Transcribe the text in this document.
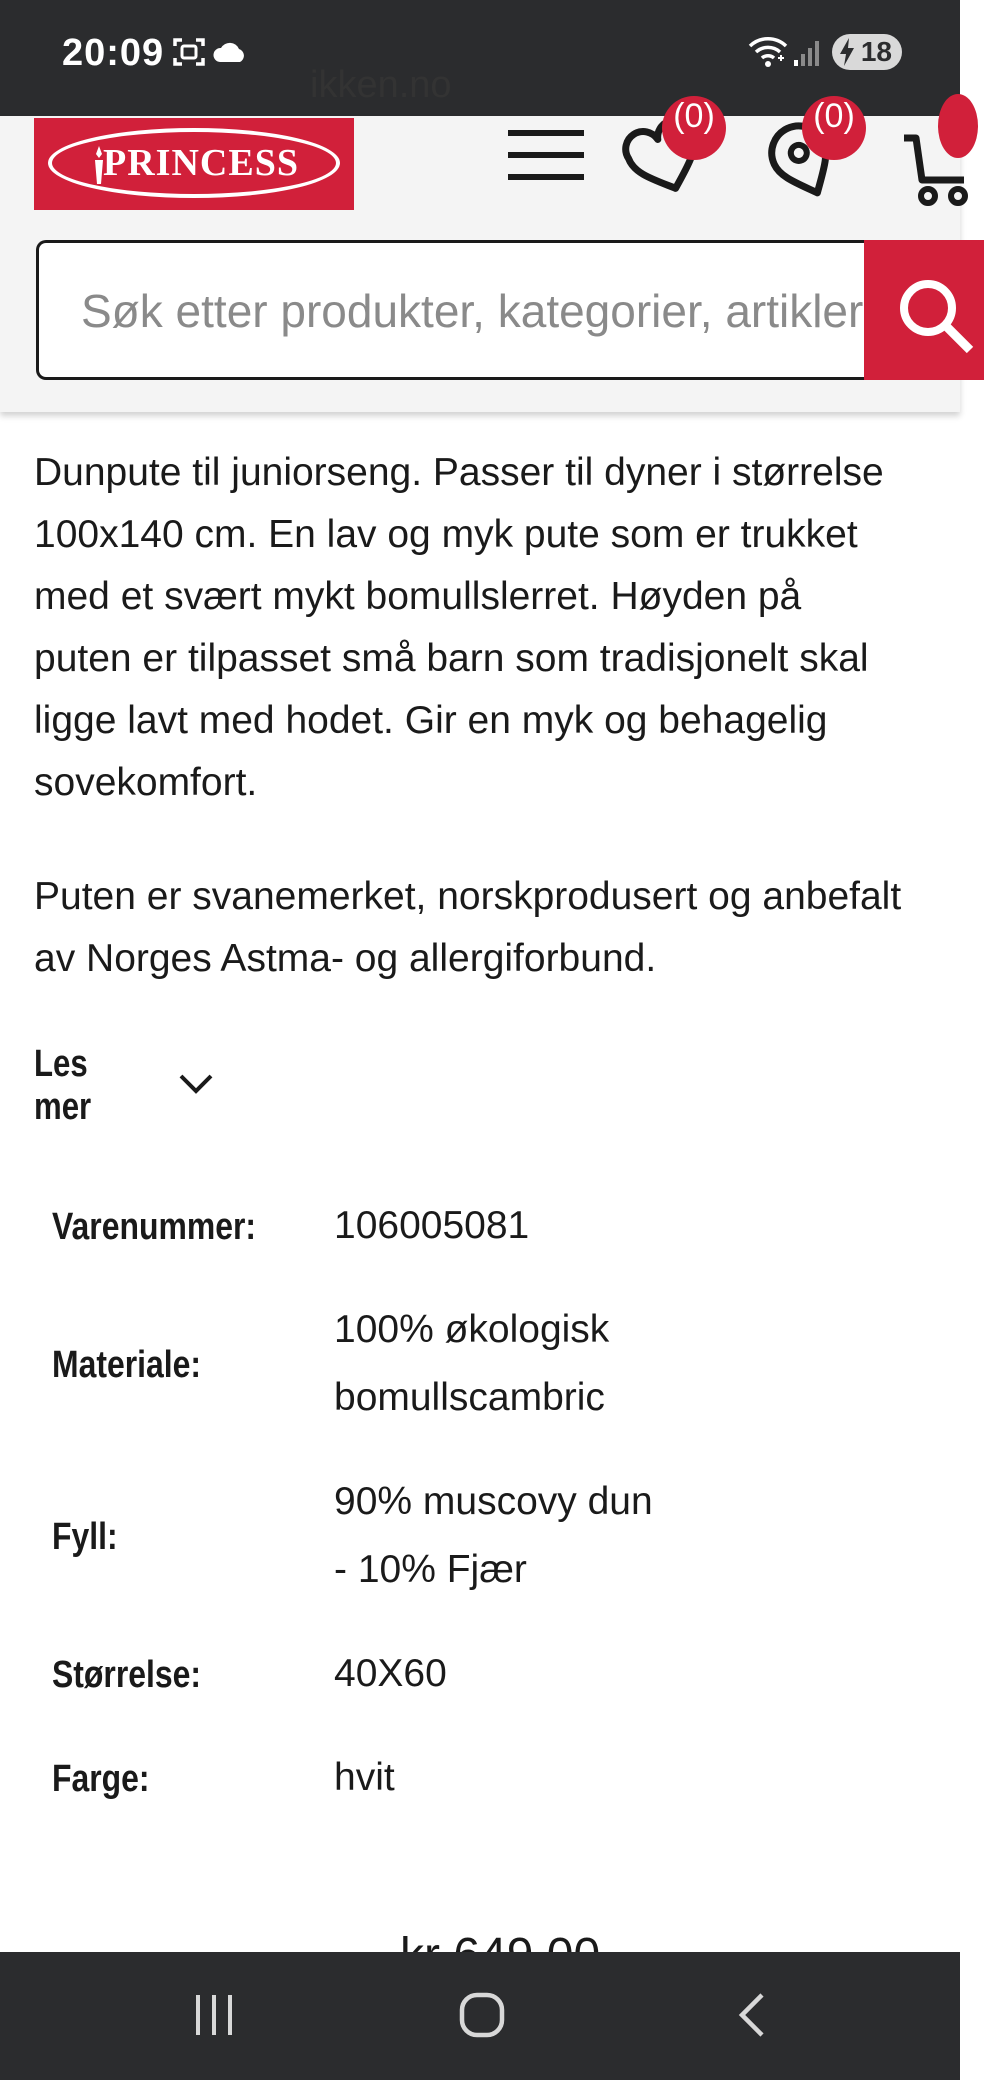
20:09	18
ikken.no
PRINCESS
(0)	(0)
Søk etter produkter, kategorier, artikler
Dunpute til juniorseng. Passer til dyner i størrelse
100x140 cm. En lav og myk pute som er trukket
med et svært mykt bomullslerret. Høyden på
puten er tilpasset små barn som tradisjonelt skal
ligge lavt med hodet. Gir en myk og behagelig
sovekomfort.
Puten er svanemerket, norskprodusert og anbefalt
av Norges Astma- og allergiforbund.
Les mer
Varenummer: 106005081
Materiale:
100% økologisk
bomullscambric
Fyll:
90% muscovy dun
- 10% Fjær
Størrelse:	40X60
Farge:	hvit
